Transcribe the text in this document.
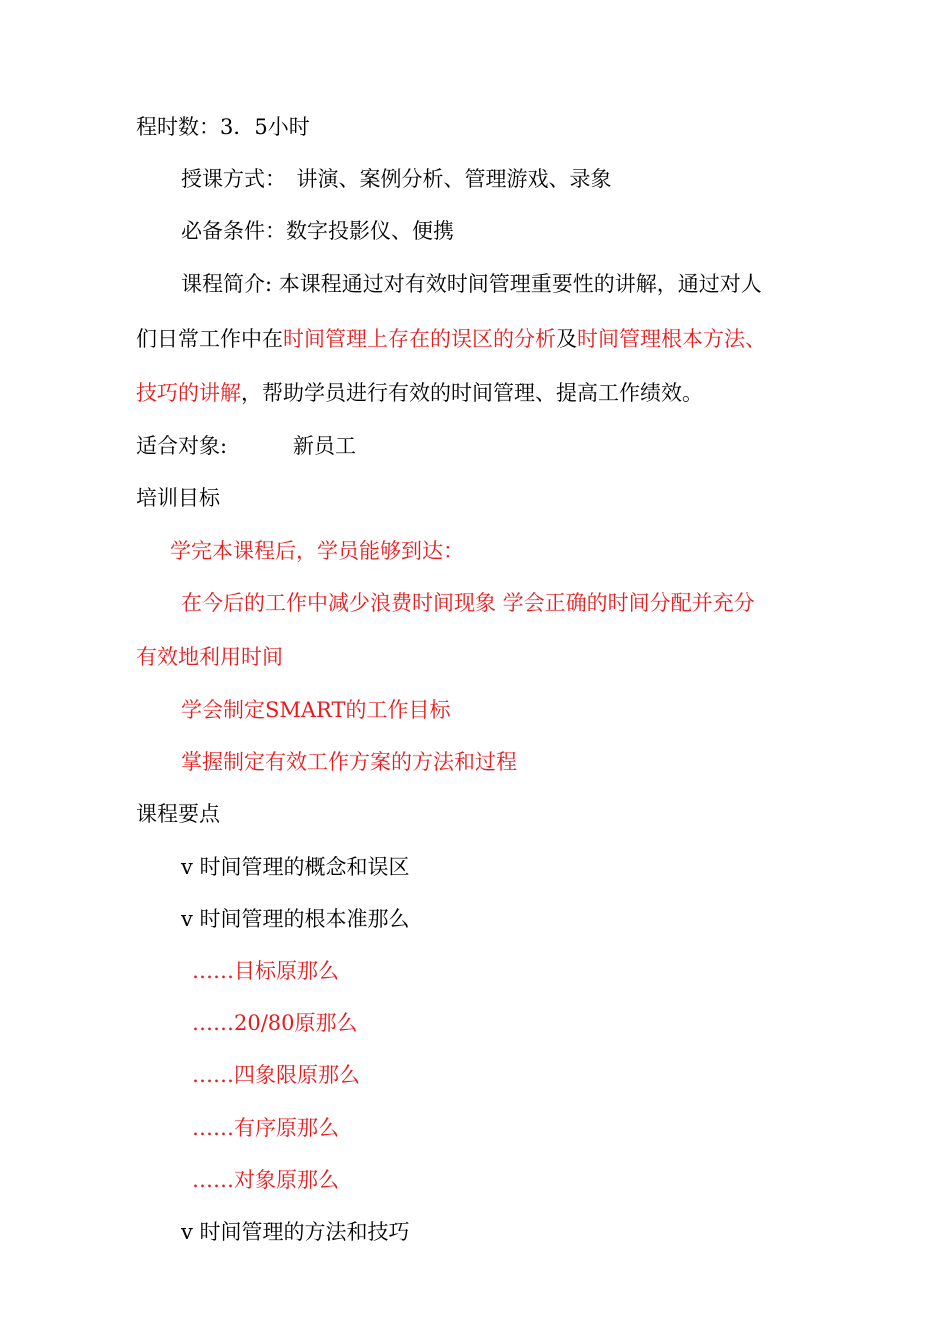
程时数：3．5小时
授课方式：　讲演、案例分析、管理游戏、录象
必备条件：数字投影仪、便携
课程简介: 本课程通过对有效时间管理重要性的讲解，通过对人
们日常工作中在时间管理上存在的误区的分析及时间管理根本方法、
技巧的讲解，帮助学员进行有效的时间管理、提高工作绩效。
适合对象:	新员工
培训目标
学完本课程后，学员能够到达：
在今后的工作中减少浪费时间现象 学会正确的时间分配并充分
有效地利用时间
学会制定SMART的工作目标
掌握制定有效工作方案的方法和过程
课程要点
v 时间管理的概念和误区
v 时间管理的根本准那么
……目标原那么
……20/80原那么
……四象限原那么
……有序原那么
……对象原那么
v 时间管理的方法和技巧
